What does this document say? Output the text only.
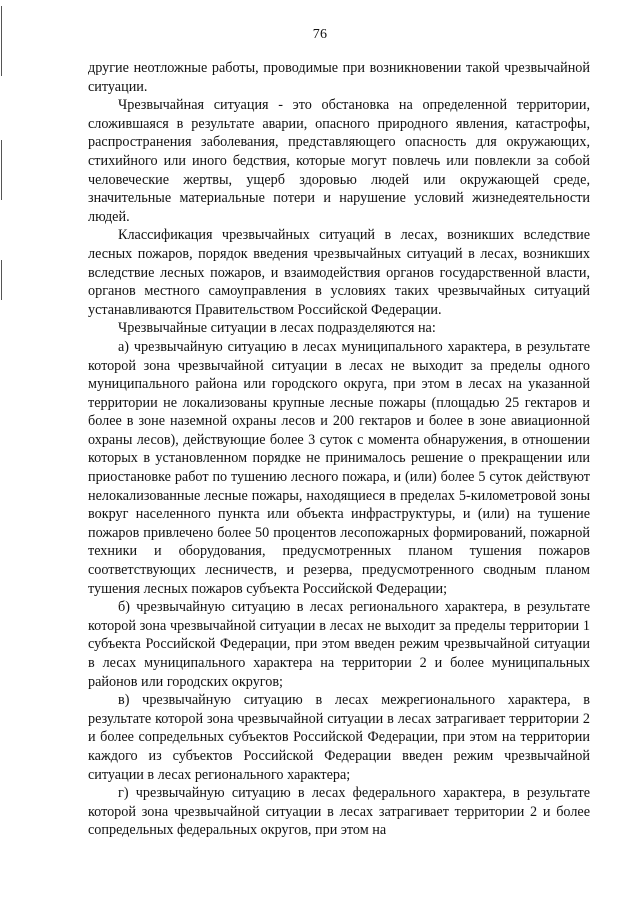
76

другие неотложные работы, проводимые при возникновении такой чрезвычайной ситуации.

Чрезвычайная ситуация - это обстановка на определенной территории, сложившаяся в результате аварии, опасного природного явления, катастрофы, распространения заболевания, представляющего опасность для окружающих, стихийного или иного бедствия, которые могут повлечь или повлекли за собой человеческие жертвы, ущерб здоровью людей или окружающей среде, значительные материальные потери и нарушение условий жизнедеятельности людей.

Классификация чрезвычайных ситуаций в лесах, возникших вследствие лесных пожаров, порядок введения чрезвычайных ситуаций в лесах, возникших вследствие лесных пожаров, и взаимодействия органов государственной власти, органов местного самоуправления в условиях таких чрезвычайных ситуаций устанавливаются Правительством Российской Федерации.

Чрезвычайные ситуации в лесах подразделяются на:

а) чрезвычайную ситуацию в лесах муниципального характера, в результате которой зона чрезвычайной ситуации в лесах не выходит за пределы одного муниципального района или городского округа, при этом в лесах на указанной территории не локализованы крупные лесные пожары (площадью 25 гектаров и более в зоне наземной охраны лесов и 200 гектаров и более в зоне авиационной охраны лесов), действующие более 3 суток с момента обнаружения, в отношении которых в установленном порядке не принималось решение о прекращении или приостановке работ по тушению лесного пожара, и (или) более 5 суток действуют нелокализованные лесные пожары, находящиеся в пределах 5-километровой зоны вокруг населенного пункта или объекта инфраструктуры, и (или) на тушение пожаров привлечено более 50 процентов лесопожарных формирований, пожарной техники и оборудования, предусмотренных планом тушения пожаров соответствующих лесничеств, и резерва, предусмотренного сводным планом тушения лесных пожаров субъекта Российской Федерации;

б) чрезвычайную ситуацию в лесах регионального характера, в результате которой зона чрезвычайной ситуации в лесах не выходит за пределы территории 1 субъекта Российской Федерации, при этом введен режим чрезвычайной ситуации в лесах муниципального характера на территории 2 и более муниципальных районов или городских округов;

в) чрезвычайную ситуацию в лесах межрегионального характера, в результате которой зона чрезвычайной ситуации в лесах затрагивает территории 2 и более сопредельных субъектов Российской Федерации, при этом на территории каждого из субъектов Российской Федерации введен режим чрезвычайной ситуации в лесах регионального характера;

г) чрезвычайную ситуацию в лесах федерального характера, в результате которой зона чрезвычайной ситуации в лесах затрагивает территории 2 и более сопредельных федеральных округов, при этом на
